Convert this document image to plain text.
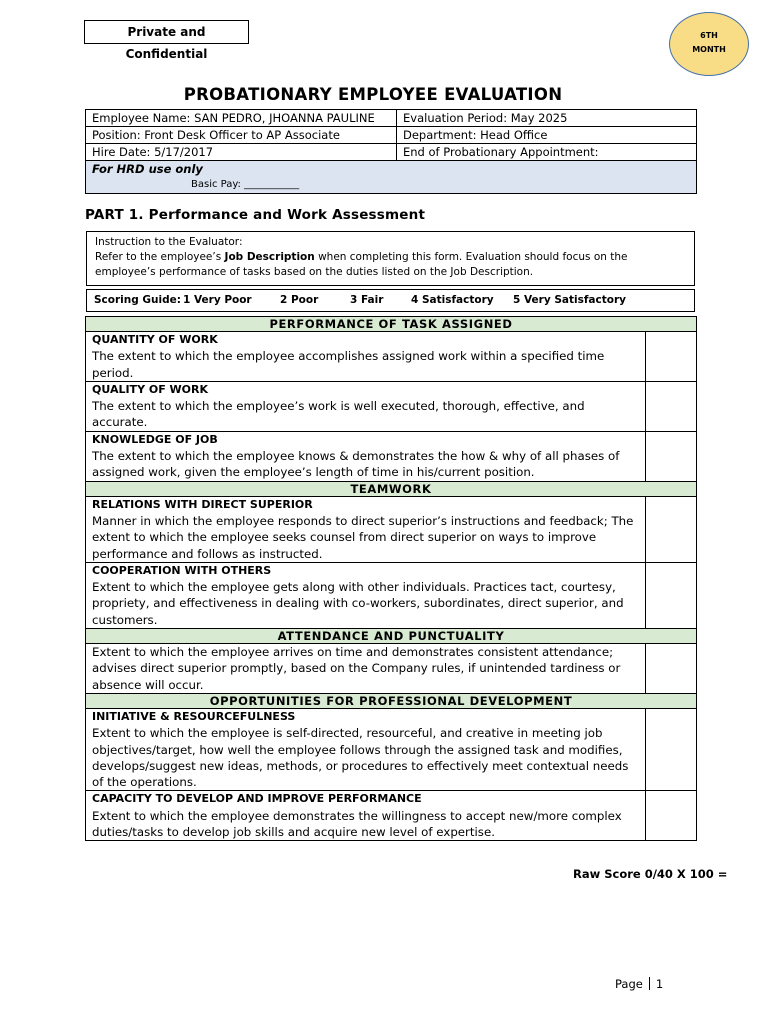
Private and Confidential
6TH
MONTH
PROBATIONARY EMPLOYEE EVALUATION
Employee Name: SAN PEDRO, JHOANNA PAULINE	Evaluation Period: May 2025
Position: Front Desk Officer to AP Associate	Department: Head Office
Hire Date: 5/17/2017	End of Probationary Appointment:

For HRD use only
Basic Pay: ___________	
PART 1. Performance and Work Assessment
Instruction to the Evaluator:
Refer to the employee’s Job Description when completing this form. Evaluation should focus on the employee’s performance of tasks based on the duties listed on the Job Description.
Scoring Guide: 1 Very Poor	2 Poor	3 Fair	4 Satisfactory 5 Very Satisfactory
PERFORMANCE OF TASK ASSIGNED	

QUANTITY OF WORK
The extent to which the employee accomplishes assigned work within a specified time period.	

QUALITY OF WORK
The extent to which the employee’s work is well executed, thorough, effective, and accurate.	

KNOWLEDGE OF JOB
The extent to which the employee knows & demonstrates the how & why of all phases of assigned work, given the employee’s length of time in his/current position.	

TEAMWORK	

RELATIONS WITH DIRECT SUPERIOR
Manner in which the employee responds to direct superior’s instructions and feedback; The extent to which the employee seeks counsel from direct superior on ways to improve performance and follows as instructed.	

COOPERATION WITH OTHERS
Extent to which the employee gets along with other individuals. Practices tact, courtesy, propriety, and effectiveness in dealing with co-workers, subordinates, direct superior, and customers.	

ATTENDANCE AND PUNCTUALITY	

Extent to which the employee arrives on time and demonstrates consistent attendance; advises direct superior promptly, based on the Company rules, if unintended tardiness or absence will occur.	

OPPORTUNITIES FOR PROFESSIONAL DEVELOPMENT	

INITIATIVE & RESOURCEFULNESS
Extent to which the employee is self-directed, resourceful, and creative in meeting job objectives/target, how well the employee follows through the assigned task and modifies, develops/suggest new ideas, methods, or procedures to effectively meet contextual needs of the operations.	

CAPACITY TO DEVELOP AND IMPROVE PERFORMANCE
Extent to which the employee demonstrates the willingness to accept new/more complex duties/tasks to develop job skills and acquire new level of expertise.	

Raw Score 0/40 X 100 =
Page 1
